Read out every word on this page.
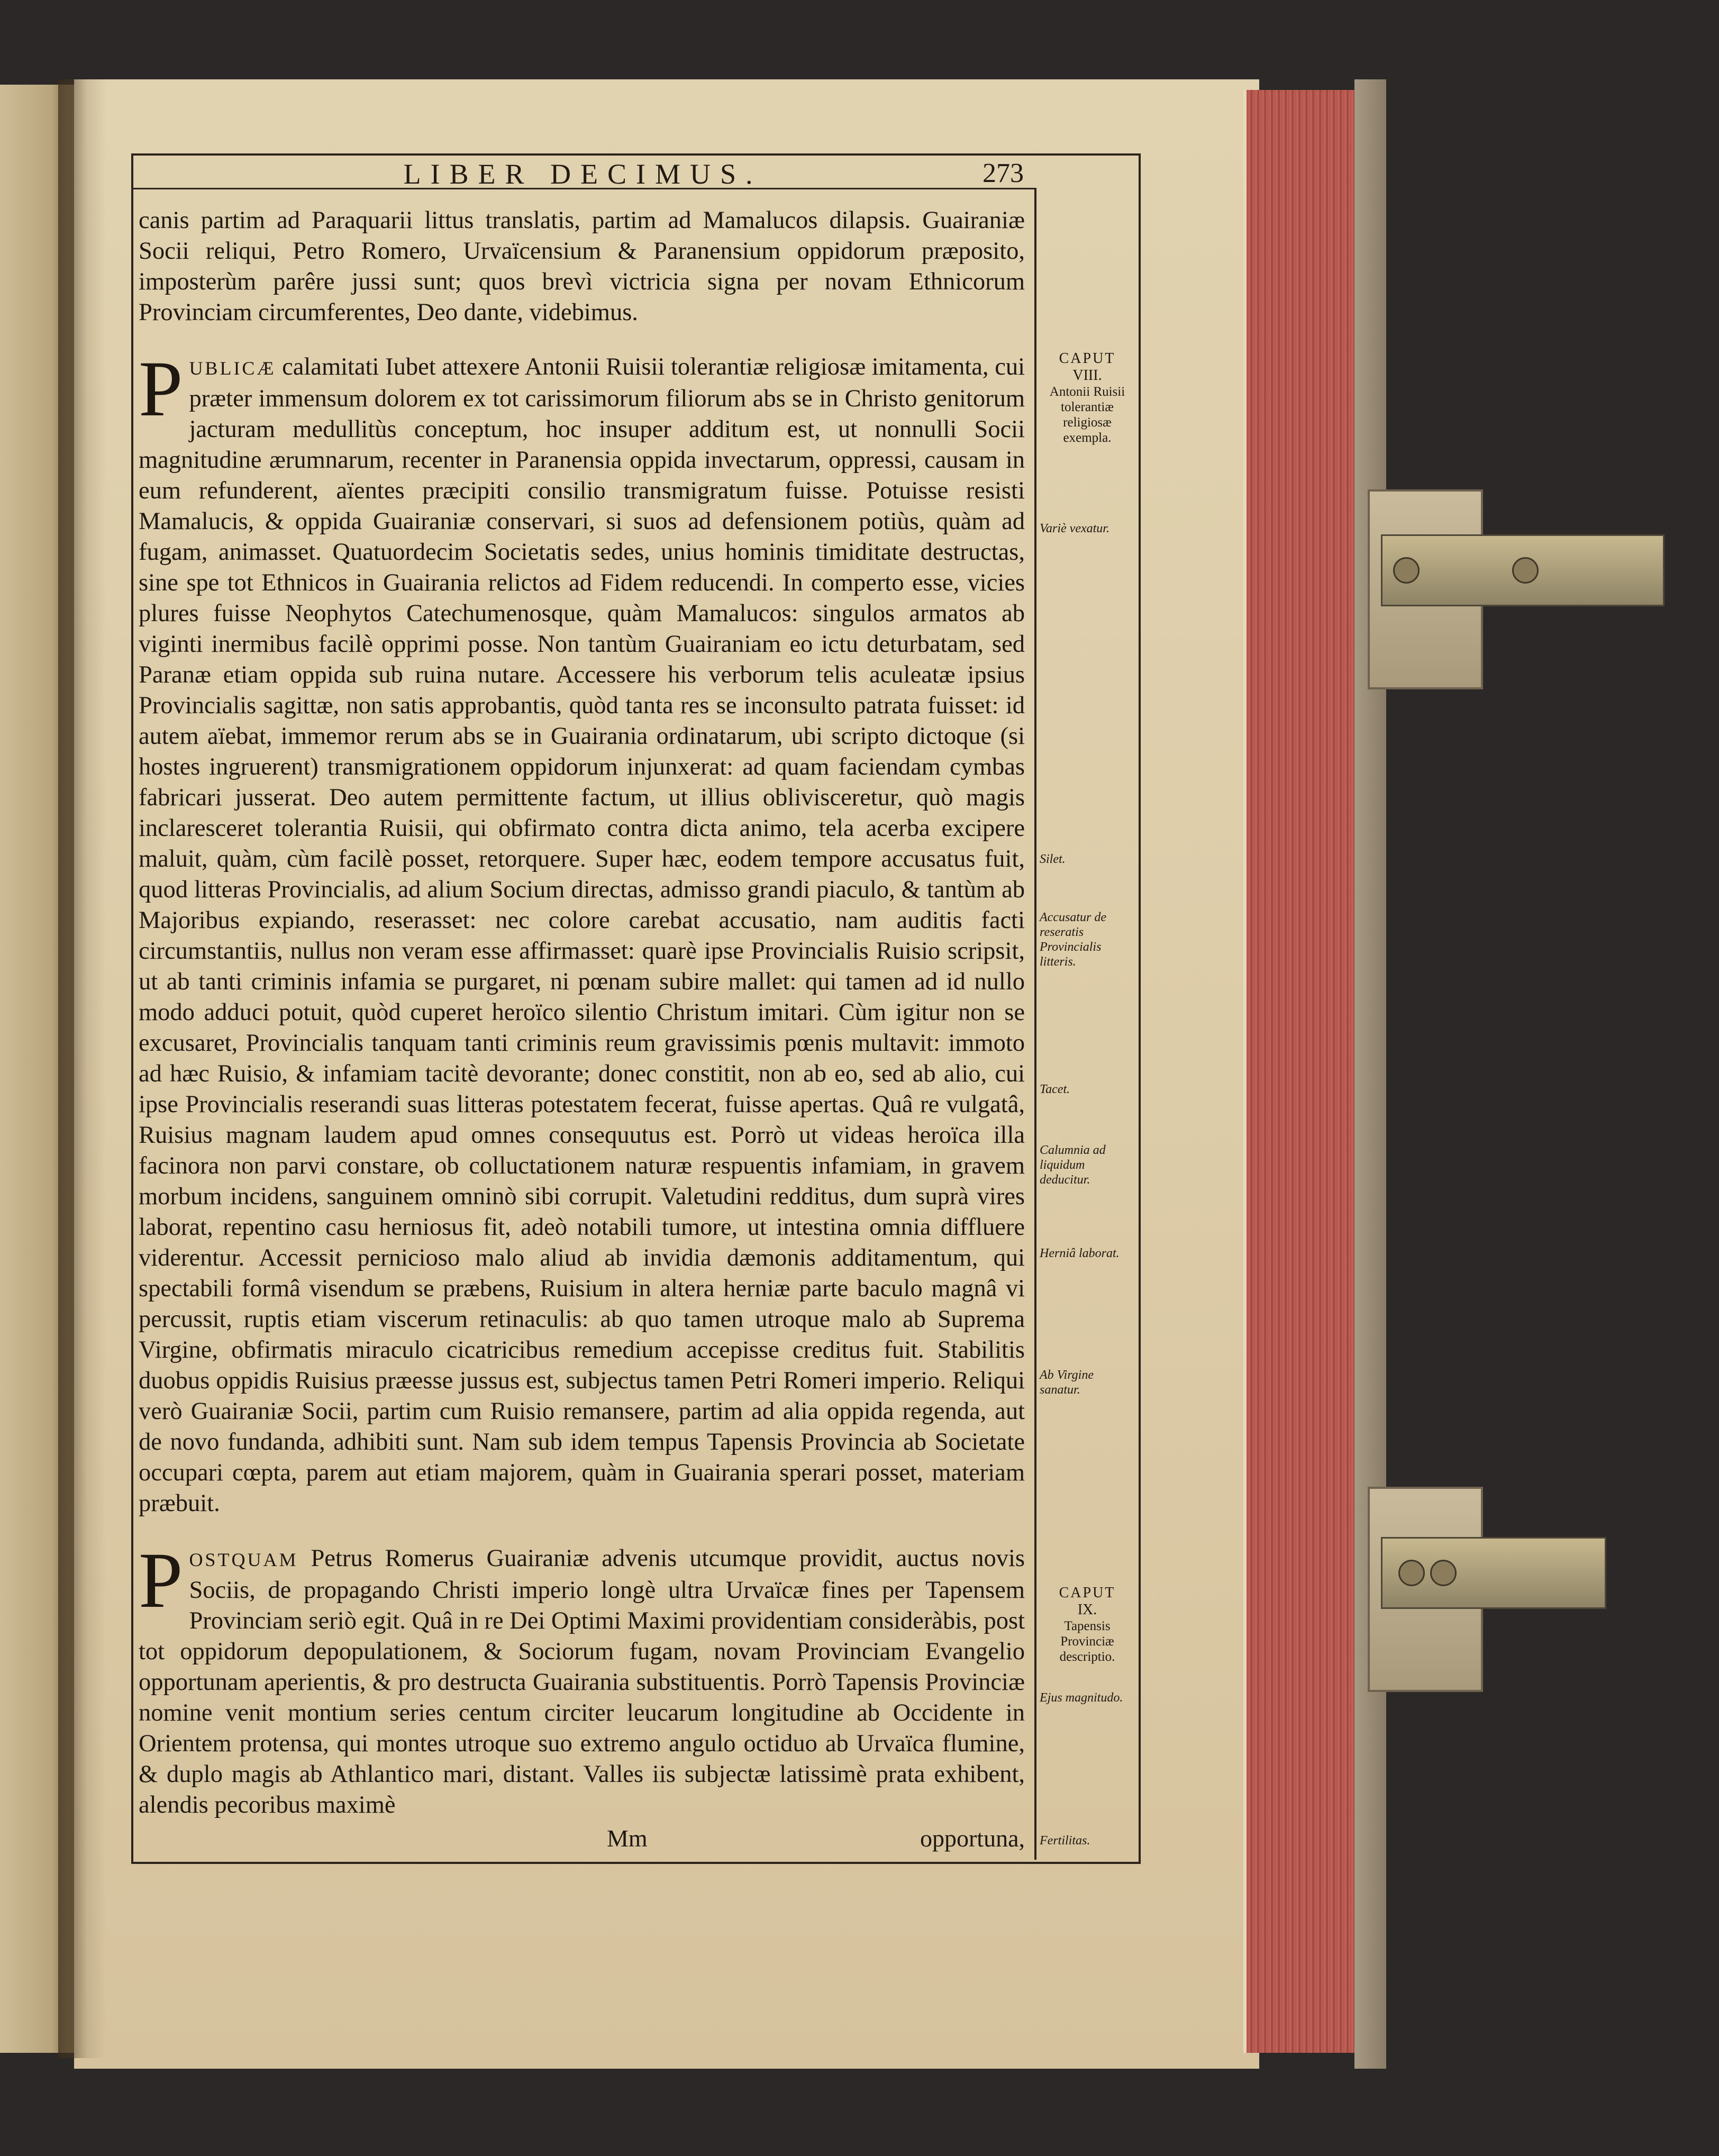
LIBER DECIMUS.	273

canis partim ad Paraquarii littus translatis, partim ad Mamalucos dilapsis. Guairaniæ Socii reliqui, Petro Romero, Urvaïcensium & Paranensium oppidorum præposito, imposterùm parêre jussi sunt; quos brevì victricia signa per novam Ethnicorum Provinciam circumferentes, Deo dante, videbimus.

PUBLICÆ calamitati Iubet attexere Antonii Ruisii tolerantiæ religiosæ imitamenta, cui præter immensum dolorem ex tot carissimorum filiorum abs se in Christo genitorum jacturam medullitùs conceptum, hoc insuper additum est, ut nonnulli Socii magnitudine ærumnarum, recenter in Paranensia oppida invectarum, oppressi, causam in eum refunderent, aïentes præcipiti consilio transmigratum fuisse. Potuisse resisti Mamalucis, & oppida Guairaniæ conservari, si suos ad defensionem potiùs, quàm ad fugam, animasset. Quatuordecim Societatis sedes, unius hominis timiditate destructas, sine spe tot Ethnicos in Guairania relictos ad Fidem reducendi. In comperto esse, vicies plures fuisse Neophytos Catechumenosque, quàm Mamalucos: singulos armatos ab viginti inermibus facilè opprimi posse. Non tantùm Guairaniam eo ictu deturbatam, sed Paranæ etiam oppida sub ruina nutare. Accessere his verborum telis aculeatæ ipsius Provincialis sagittæ, non satis approbantis, quòd tanta res se inconsulto patrata fuisset: id autem aïebat, immemor rerum abs se in Guairania ordinatarum, ubi scripto dictoque (si hostes ingruerent) transmigrationem oppidorum injunxerat: ad quam faciendam cymbas fabricari jusserat. Deo autem permittente factum, ut illius oblivisceretur, quò magis inclaresceret tolerantia Ruisii, qui obfirmato contra dicta animo, tela acerba excipere maluit, quàm, cùm facilè posset, retorquere. Super hæc, eodem tempore accusatus fuit, quod litteras Provincialis, ad alium Socium directas, admisso grandi piaculo, & tantùm ab Majoribus expiando, reserasset: nec colore carebat accusatio, nam auditis facti circumstantiis, nullus non veram esse affirmasset: quarè ipse Provincialis Ruisio scripsit, ut ab tanti criminis infamia se purgaret, ni pœnam subire mallet: qui tamen ad id nullo modo adduci potuit, quòd cuperet heroïco silentio Christum imitari. Cùm igitur non se excusaret, Provincialis tanquam tanti criminis reum gravissimis pœnis multavit: immoto ad hæc Ruisio, & infamiam tacitè devorante; donec constitit, non ab eo, sed ab alio, cui ipse Provincialis reserandi suas litteras potestatem fecerat, fuisse apertas. Quâ re vulgatâ, Ruisius magnam laudem apud omnes consequutus est. Porrò ut videas heroïca illa facinora non parvi constare, ob colluctationem naturæ respuentis infamiam, in gravem morbum incidens, sanguinem omninò sibi corrupit. Valetudini redditus, dum suprà vires laborat, repentino casu herniosus fit, adeò notabili tumore, ut intestina omnia diffluere viderentur. Accessit pernicioso malo aliud ab invidia dæmonis additamentum, qui spectabili formâ visendum se præbens, Ruisium in altera herniæ parte baculo magnâ vi percussit, ruptis etiam viscerum retinaculis: ab quo tamen utroque malo ab Suprema Virgine, obfirmatis miraculo cicatricibus remedium accepisse creditus fuit. Stabilitis duobus oppidis Ruisius præesse jussus est, subjectus tamen Petri Romeri imperio. Reliqui verò Guairaniæ Socii, partim cum Ruisio remansere, partim ad alia oppida regenda, aut de novo fundanda, adhibiti sunt. Nam sub idem tempus Tapensis Provincia ab Societate occupari cœpta, parem aut etiam majorem, quàm in Guairania sperari posset, materiam præbuit.

POSTQUAM Petrus Romerus Guairaniæ advenis utcumque providit, auctus novis Sociis, de propagando Christi imperio longè ultra Urvaïcæ fines per Tapensem Provinciam seriò egit. Quâ in re Dei Optimi Maximi providentiam consideràbis, post tot oppidorum depopulationem, & Sociorum fugam, novam Provinciam Evangelio opportunam aperientis, & pro destructa Guairania substituentis. Porrò Tapensis Provinciæ nomine venit montium series centum circiter leucarum longitudine ab Occidente in Orientem protensa, qui montes utroque suo extremo angulo octiduo ab Urvaïca flumine, & duplo magis ab Athlantico mari, distant. Valles iis subjectæ latissimè prata exhibent, alendis pecoribus maximè

CAPUT
VIII.
Antonii Ruisii tolerantiæ religiosæ exempla.
Variè vexatur.
Silet.
Accusatur de reseratis Provincialis litteris.
Tacet.
Calumnia ad liquidum deducitur.
Herniâ laborat.
Ab Virgine sanatur.
CAPUT
IX.
Tapensis Provinciæ descriptio.
Ejus magnitudo.
Fertilitas.
Mm	opportuna,
